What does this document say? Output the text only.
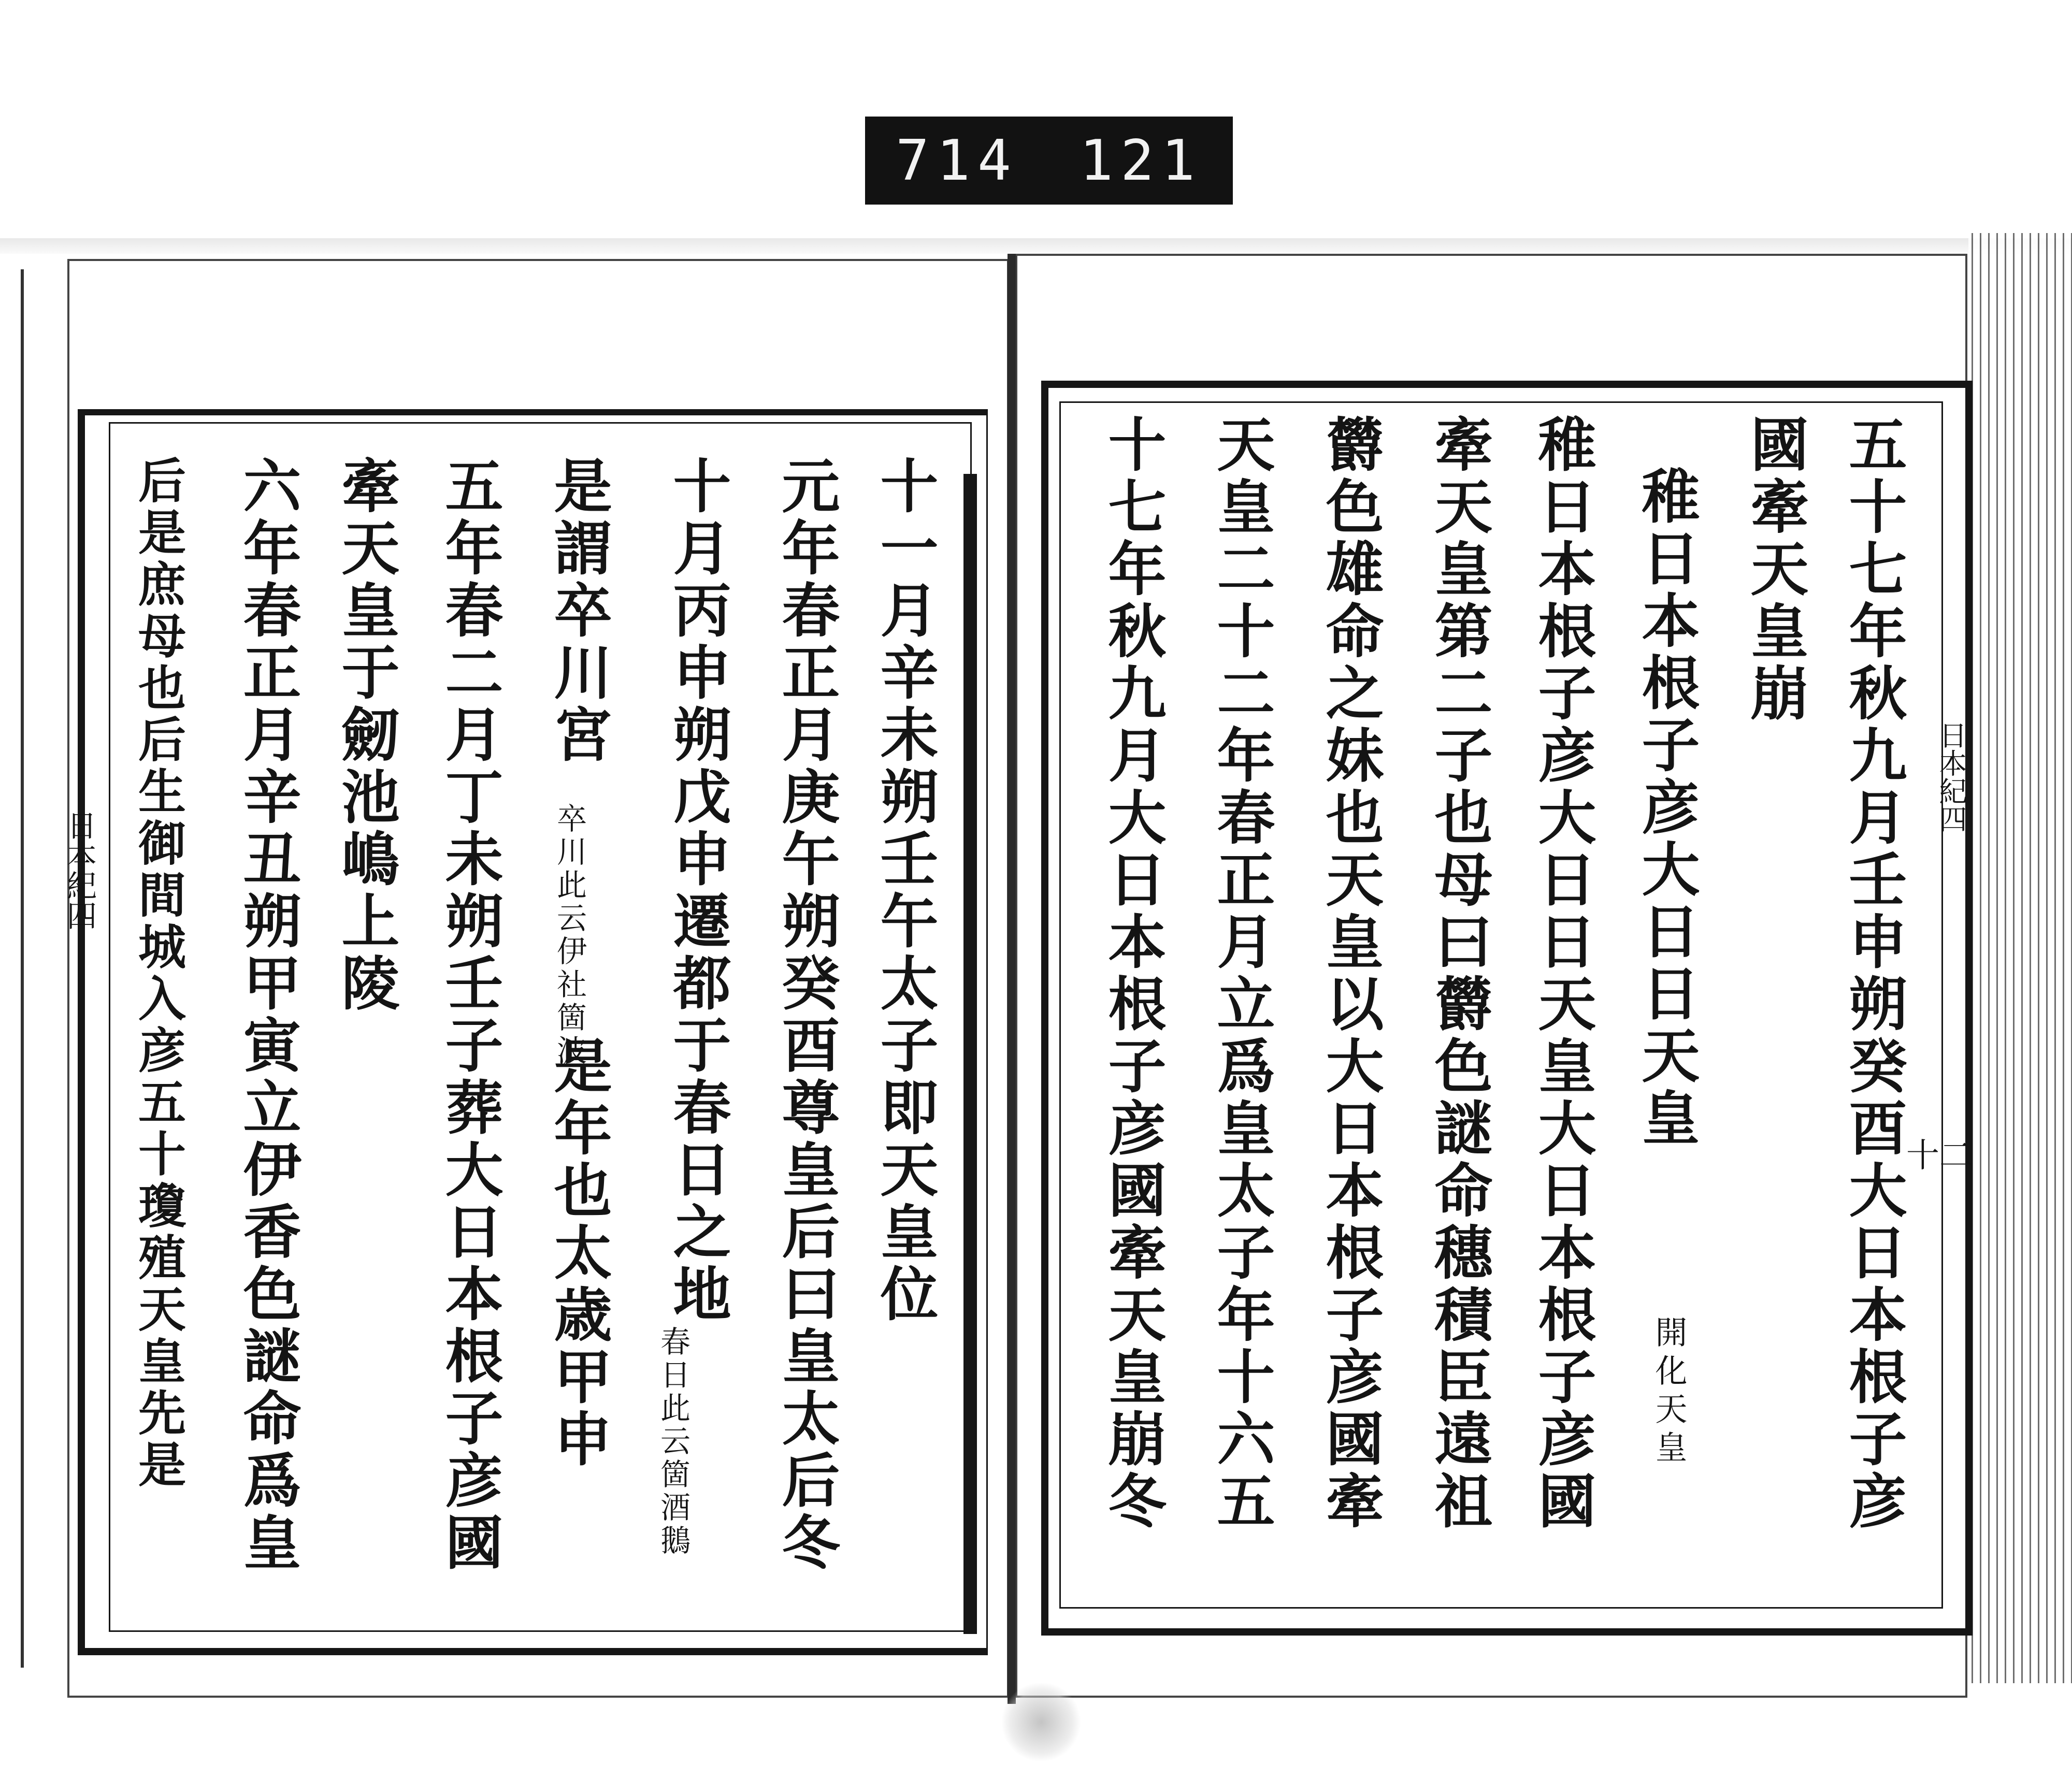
714 121
日本紀四
日本紀四
十一月辛未朔壬午太子即天皇位
元年春正月庚午朔癸酉尊皇后曰皇太后冬
十月丙申朔戊申遷都于春日之地
春日此云箇酒鵝
是謂卒川宮
卒川此云伊社箇波
是年也太歳甲申
五年春二月丁未朔壬子葬大日本根子彦國
牽天皇于劒池嶋上陵
六年春正月辛丑朔甲寅立伊香色謎命爲皇
后是庶母也后生御間城入彦五十瓊殖天皇先是	五十七年秋九月壬申朔癸酉大日本根子彦
國牽天皇崩
稚日本根子彦大日日天皇
開化天皇
稚日本根子彦大日日天皇大日本根子彦國
牽天皇第二子也母曰欝色謎命穗積臣遠祖
欝色雄命之妹也天皇以大日本根子彦國牽
天皇二十二年春正月立爲皇太子年十六五
十七年秋九月大日本根子彦國牽天皇崩冬	十二
